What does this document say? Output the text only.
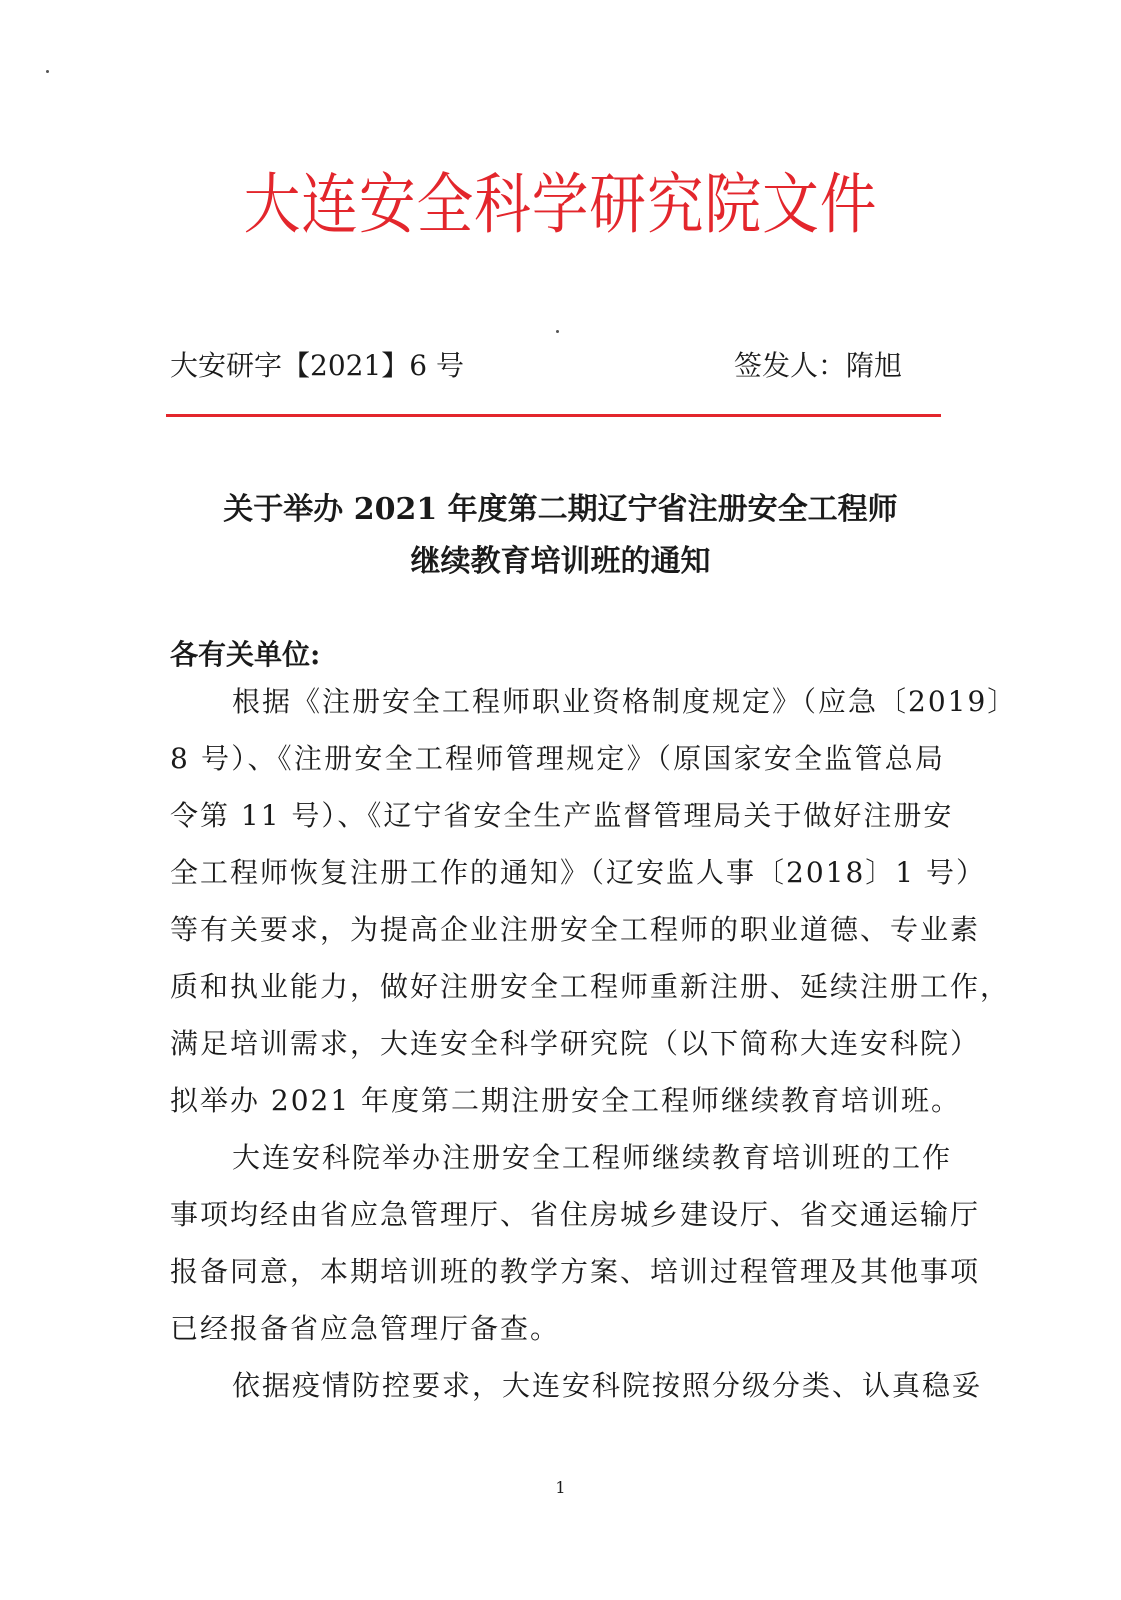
大连安全科学研究院文件
大安研字【2021】6 号	签发人：隋旭
关于举办 2021 年度第二期辽宁省注册安全工程师
继续教育培训班的通知
各有关单位:
根据《注册安全工程师职业资格制度规定》（应急〔2019〕
8 号）、《注册安全工程师管理规定》（原国家安全监管总局
令第 11 号）、《辽宁省安全生产监督管理局关于做好注册安
全工程师恢复注册工作的通知》（辽安监人事〔2018〕1 号）
等有关要求，为提高企业注册安全工程师的职业道德、专业素
质和执业能力，做好注册安全工程师重新注册、延续注册工作，
满足培训需求，大连安全科学研究院（以下简称大连安科院）
拟举办 2021 年度第二期注册安全工程师继续教育培训班。
大连安科院举办注册安全工程师继续教育培训班的工作
事项均经由省应急管理厅、省住房城乡建设厅、省交通运输厅
报备同意，本期培训班的教学方案、培训过程管理及其他事项
已经报备省应急管理厅备查。
依据疫情防控要求，大连安科院按照分级分类、认真稳妥
1
